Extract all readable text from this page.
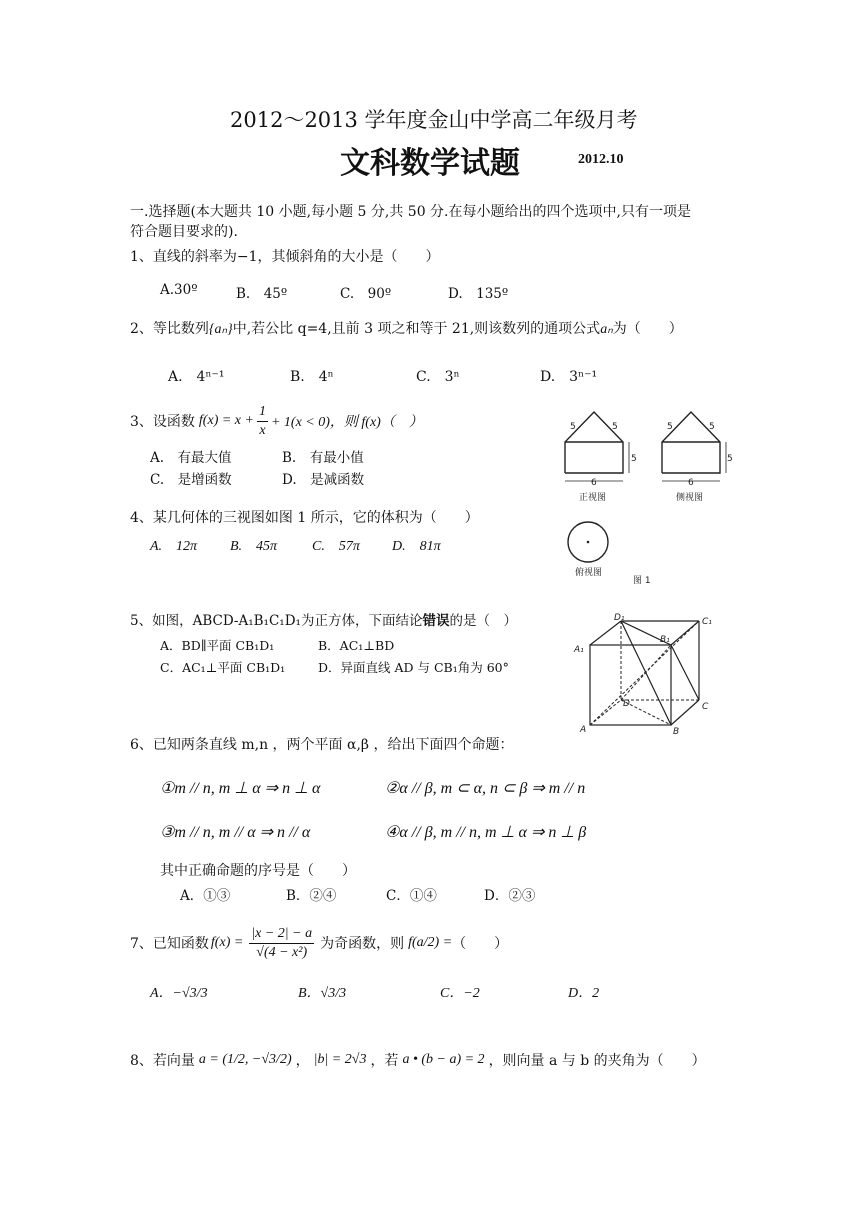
2012～2013 学年度金山中学高二年级月考
文科数学试题	2012.10
一.选择题(本大题共 10 小题,每小题 5 分,共 50 分.在每小题给出的四个选项中,只有一项是
符合题目要求的).
1、直线的斜率为−1，其倾斜角的大小是（　　）
A.30º	B.　45º	C.　90º	D.　135º
2、等比数列{aₙ}中,若公比 q=4,且前 3 项之和等于 21,则该数列的通项公式aₙ为（　　）
A.　4ⁿ⁻¹	B.　4ⁿ	C.　3ⁿ	D.　3ⁿ⁻¹
3、设函数 $f(x) = x + \frac{1}{x} + 1(x < 0)$，则 f(x)（　）
A.　有最大值	B.　有最小值
C.　是增函数	D.　是减函数
5	5
5
6
正视图
5	5
5
6
侧视图
俯视图
图 1
4、某几何体的三视图如图 1 所示，它的体积为（　　）
A.　12π B.　45π C.　57π D.　81π
5、如图，ABCD-A₁B₁C₁D₁为正方体，下面结论错误的是（　）
A．BD∥平面 CB₁D₁	B．AC₁⊥BD
C．AC₁⊥平面 CB₁D₁	D．异面直线 AD 与 CB₁角为 60°
D₁	C₁
A₁
B₁
D	C
A	B
6、已知两条直线 m,n ，两个平面 α,β ，给出下面四个命题：
①m // n, m ⊥ α ⇒ n ⊥ α	②α // β, m ⊂ α, n ⊂ β ⇒ m // n
③m // n, m // α ⇒ n // α	④α // β, m // n, m ⊥ α ⇒ n ⊥ β
其中正确命题的序号是（　　）
A．①③	B．②④	C．①④	D．②③
7、已知函数 $f(x) = \frac{|x - 2| - a}{\text{√(4 − x²)}}$ 为奇函数，则 f(a/2) = （　　）
A．−√3/3	B．√3/3	C．−2	D．2
8、若向量 a = (1/2, −√3/2) ， |b| = 2√3 ，若 a • (b − a) = 2 ，则向量 a 与 b 的夹角为（　　）
